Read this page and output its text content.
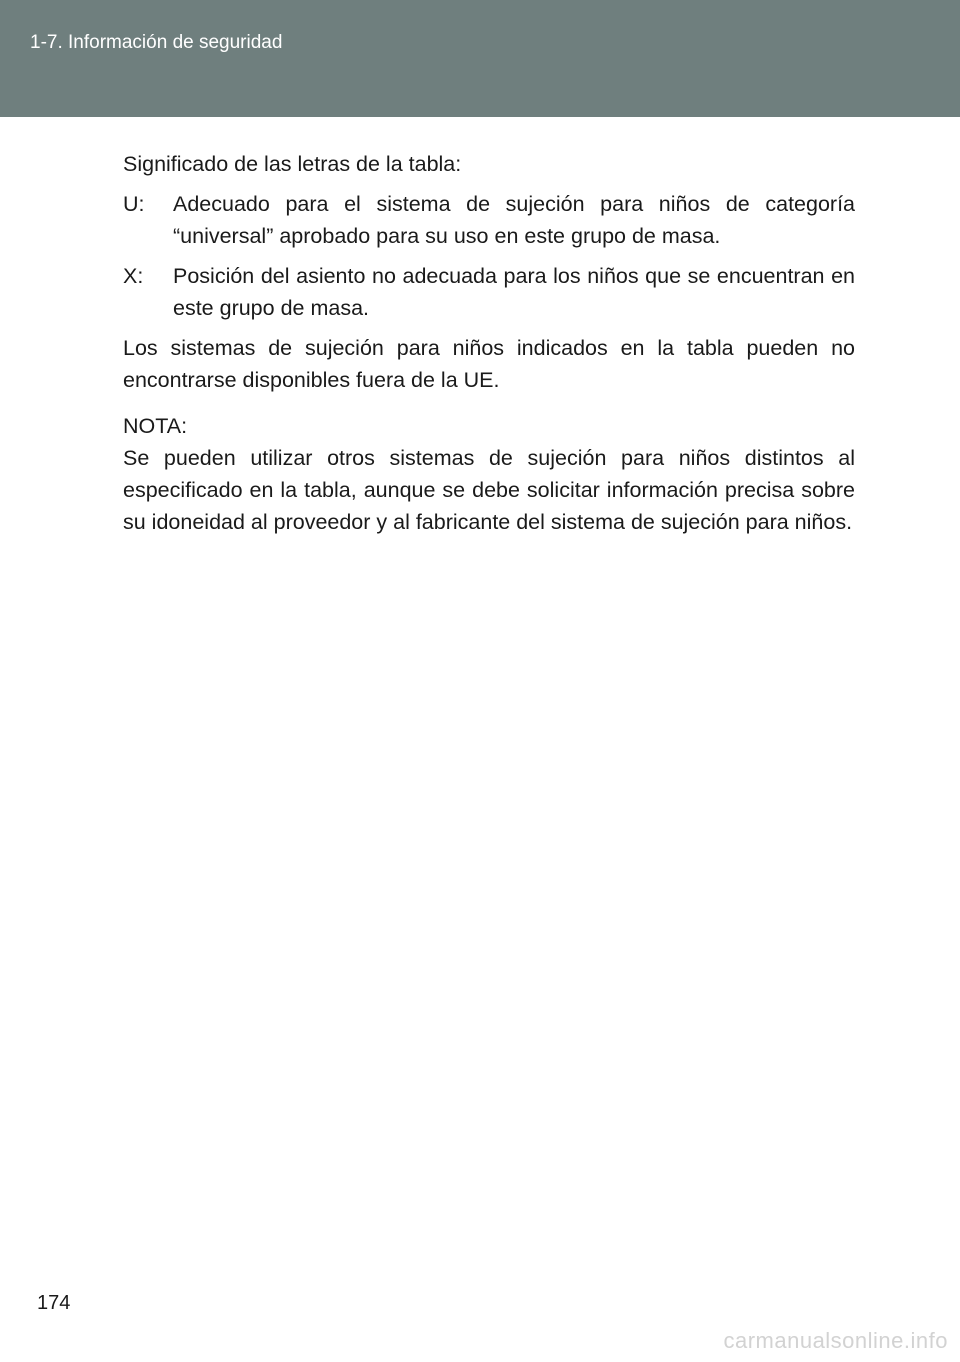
1-7. Información de seguridad

Significado de las letras de la tabla:

U:	Adecuado para el sistema de sujeción para niños de categoría “universal” aprobado para su uso en este grupo de masa.
X:	Posición del asiento no adecuada para los niños que se encuentran en este grupo de masa.

Los sistemas de sujeción para niños indicados en la tabla pueden no encontrarse disponibles fuera de la UE.

NOTA:

Se pueden utilizar otros sistemas de sujeción para niños distintos al especificado en la tabla, aunque se debe solicitar información precisa sobre su idoneidad al proveedor y al fabricante del sistema de sujeción para niños.

174
carmanualsonline.info
